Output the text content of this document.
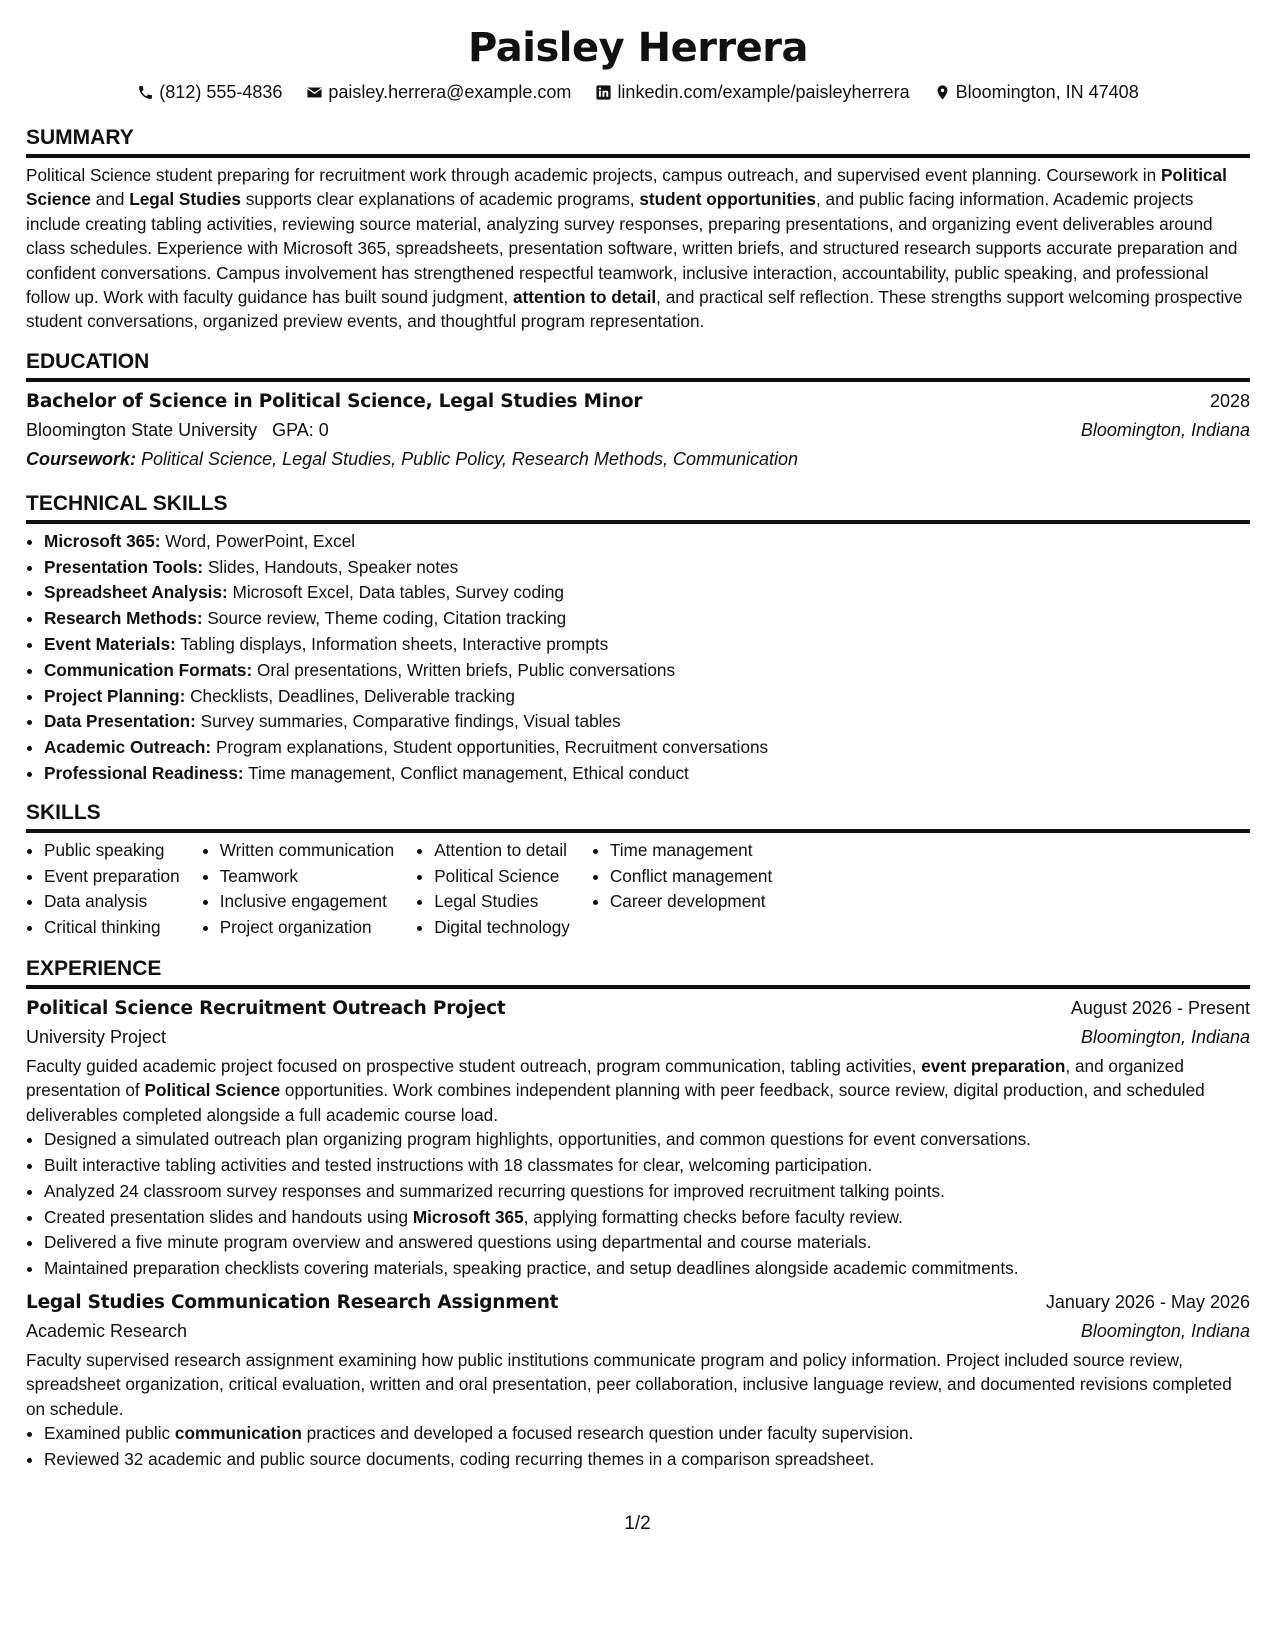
Paisley Herrera
(812) 555-4836	paisley.herrera@example.com	linkedin.com/example/paisleyherrera	Bloomington, IN 47408
SUMMARY

Political Science student preparing for recruitment work through academic projects, campus outreach, and supervised event planning. Coursework in Political Science and Legal Studies supports clear explanations of academic programs, student opportunities, and public facing information. Academic projects include creating tabling activities, reviewing source material, analyzing survey responses, preparing presentations, and organizing event deliverables around class schedules. Experience with Microsoft 365, spreadsheets, presentation software, written briefs, and structured research supports accurate preparation and confident conversations. Campus involvement has strengthened respectful teamwork, inclusive interaction, accountability, public speaking, and professional follow up. Work with faculty guidance has built sound judgment, attention to detail, and practical self reflection. These strengths support welcoming prospective student conversations, organized preview events, and thoughtful program representation.

EDUCATION
Bachelor of Science in Political Science, Legal Studies Minor	2028
Bloomington State University GPA: 0	Bloomington, Indiana
Coursework: Political Science, Legal Studies, Public Policy, Research Methods, Communication
TECHNICAL SKILLS
• Microsoft 365: Word, PowerPoint, Excel
• Presentation Tools: Slides, Handouts, Speaker notes
• Spreadsheet Analysis: Microsoft Excel, Data tables, Survey coding
• Research Methods: Source review, Theme coding, Citation tracking
• Event Materials: Tabling displays, Information sheets, Interactive prompts
• Communication Formats: Oral presentations, Written briefs, Public conversations
• Project Planning: Checklists, Deadlines, Deliverable tracking
• Data Presentation: Survey summaries, Comparative findings, Visual tables
• Academic Outreach: Program explanations, Student opportunities, Recruitment conversations
• Professional Readiness: Time management, Conflict management, Ethical conduct
SKILLS
• Public speaking
• Event preparation
• Data analysis
• Critical thinking
• Written communication
• Teamwork
• Inclusive engagement
• Project organization
• Attention to detail
• Political Science
• Legal Studies
• Digital technology
• Time management
• Conflict management
• Career development
EXPERIENCE
Political Science Recruitment Outreach Project	August 2026 - Present
University Project	Bloomington, Indiana

Faculty guided academic project focused on prospective student outreach, program communication, tabling activities, event preparation, and organized presentation of Political Science opportunities. Work combines independent planning with peer feedback, source review, digital production, and scheduled deliverables completed alongside a full academic course load.

• Designed a simulated outreach plan organizing program highlights, opportunities, and common questions for event conversations.
• Built interactive tabling activities and tested instructions with 18 classmates for clear, welcoming participation.
• Analyzed 24 classroom survey responses and summarized recurring questions for improved recruitment talking points.
• Created presentation slides and handouts using Microsoft 365, applying formatting checks before faculty review.
• Delivered a five minute program overview and answered questions using departmental and course materials.
• Maintained preparation checklists covering materials, speaking practice, and setup deadlines alongside academic commitments.
Legal Studies Communication Research Assignment	January 2026 - May 2026
Academic Research	Bloomington, Indiana

Faculty supervised research assignment examining how public institutions communicate program and policy information. Project included source review, spreadsheet organization, critical evaluation, written and oral presentation, peer collaboration, inclusive language review, and documented revisions completed on schedule.

• Examined public communication practices and developed a focused research question under faculty supervision.
• Reviewed 32 academic and public source documents, coding recurring themes in a comparison spreadsheet.
1/2
